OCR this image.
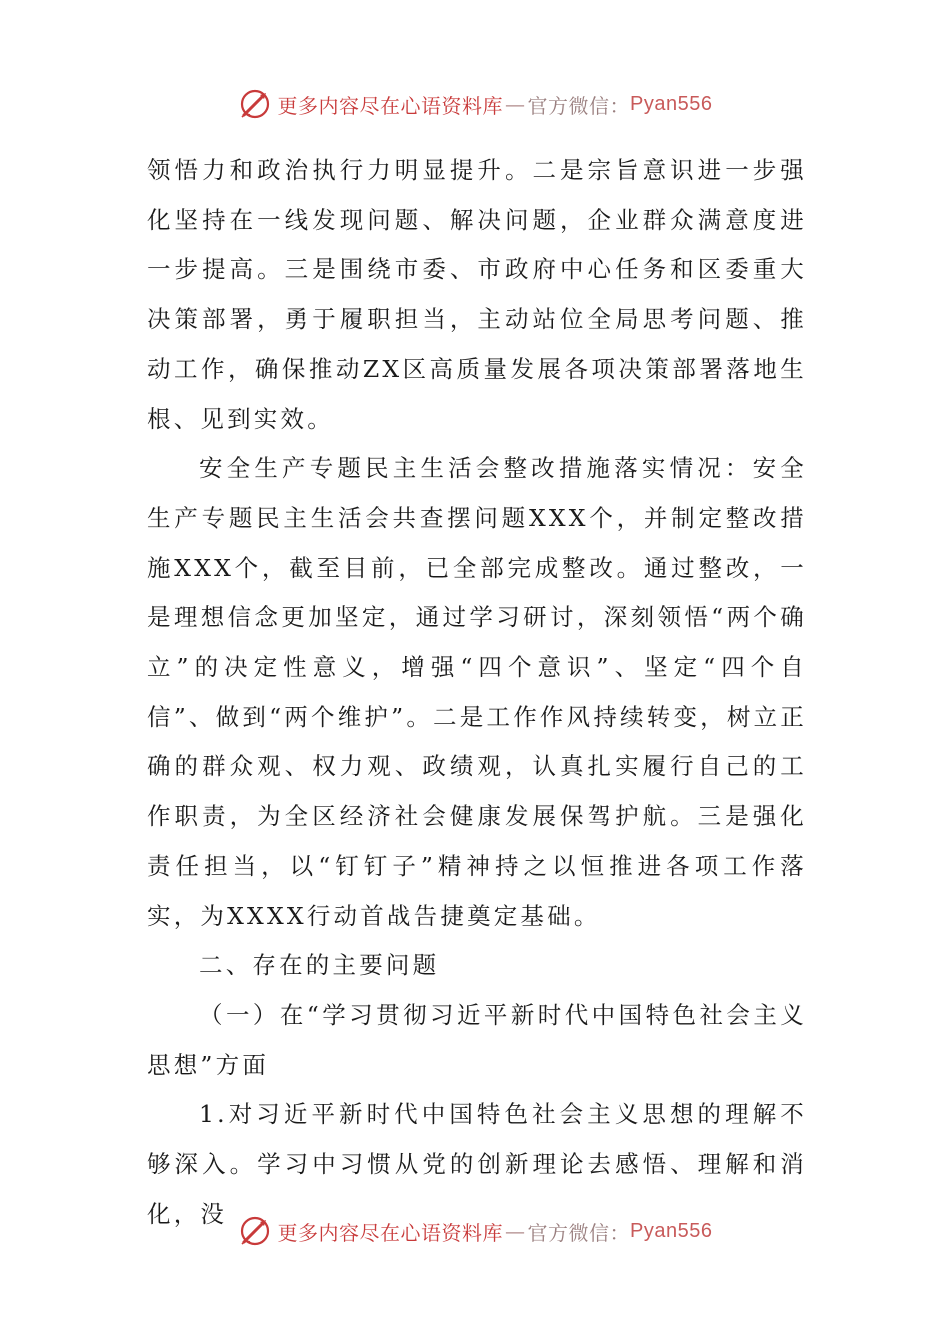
更多内容尽在心语资料库 — 官方微信： Pyan556

领悟力和政治执行力明显提升。二是宗旨意识进一步强化坚持在一线发现问题、解决问题，企业群众满意度进一步提高。三是围绕市委、市政府中心任务和区委重大决策部署，勇于履职担当，主动站位全局思考问题、推动工作，确保推动ZX区高质量发展各项决策部署落地生根、见到实效。

安全生产专题民主生活会整改措施落实情况：安全生产专题民主生活会共查摆问题XXX个，并制定整改措施XXX个，截至目前，已全部完成整改。通过整改，一是理想信念更加坚定，通过学习研讨，深刻领悟“两个确立”的决定性意义，增强“四个意识”、坚定“四个自信”、做到“两个维护”。二是工作作风持续转变，树立正确的群众观、权力观、政绩观，认真扎实履行自己的工作职责，为全区经济社会健康发展保驾护航。三是强化责任担当，以“钉钉子”精神持之以恒推进各项工作落实，为XXXX行动首战告捷奠定基础。

二、存在的主要问题

（一）在“学习贯彻习近平新时代中国特色社会主义思想”方面

1.对习近平新时代中国特色社会主义思想的理解不够深入。学习中习惯从党的创新理论去感悟、理解和消化，没

更多内容尽在心语资料库 — 官方微信： Pyan556
